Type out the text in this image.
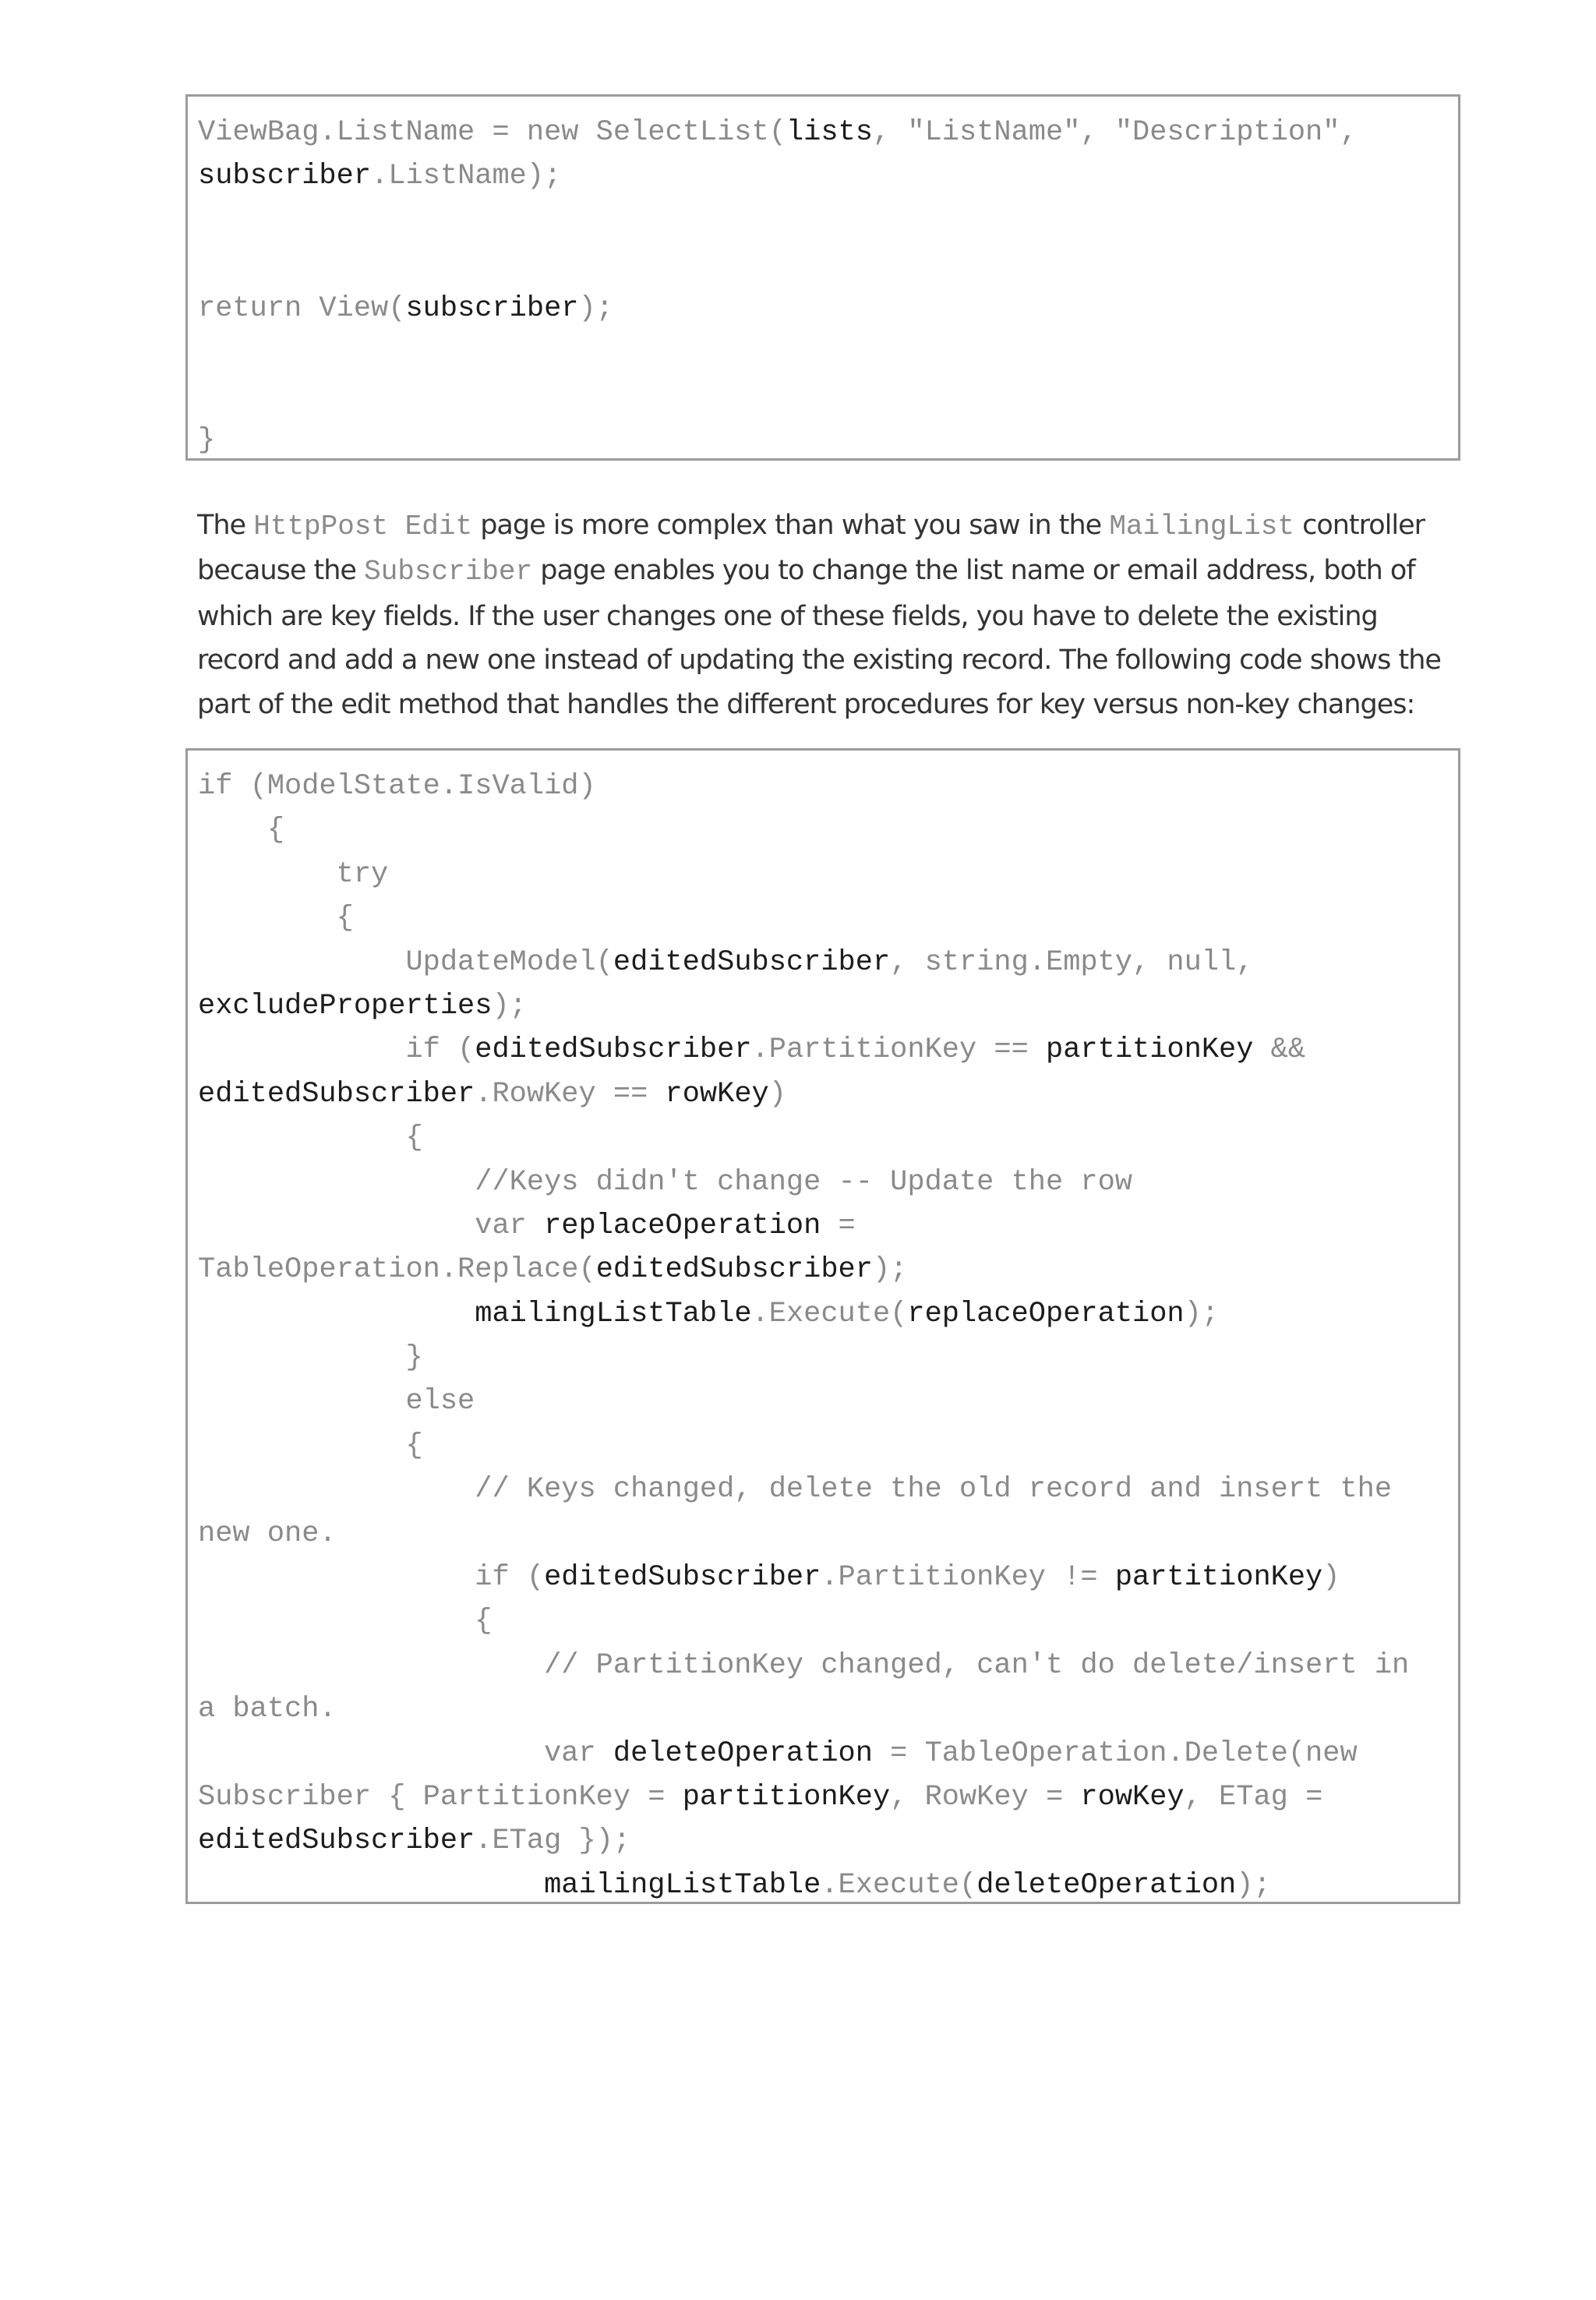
ViewBag.ListName = new SelectList(lists, "ListName", "Description",
subscriber.ListName);

return View(subscriber);

}
The HttpPost Edit page is more complex than what you saw in the MailingList controller because the Subscriber page enables you to change the list name or email address, both of which are key fields. If the user changes one of these fields, you have to delete the existing record and add a new one instead of updating the existing record. The following code shows the part of the edit method that handles the different procedures for key versus non-key changes:
if (ModelState.IsValid)
{
try
{
UpdateModel(editedSubscriber, string.Empty, null,
excludeProperties);
if (editedSubscriber.PartitionKey == partitionKey &&
editedSubscriber.RowKey == rowKey)
{
//Keys didn't change -- Update the row
var replaceOperation =
TableOperation.Replace(editedSubscriber);
mailingListTable.Execute(replaceOperation);
}
else
{
// Keys changed, delete the old record and insert the
new one.
if (editedSubscriber.PartitionKey != partitionKey)
{
// PartitionKey changed, can't do delete/insert in
a batch.
var deleteOperation = TableOperation.Delete(new
Subscriber { PartitionKey = partitionKey, RowKey = rowKey, ETag =
editedSubscriber.ETag });
mailingListTable.Execute(deleteOperation);
